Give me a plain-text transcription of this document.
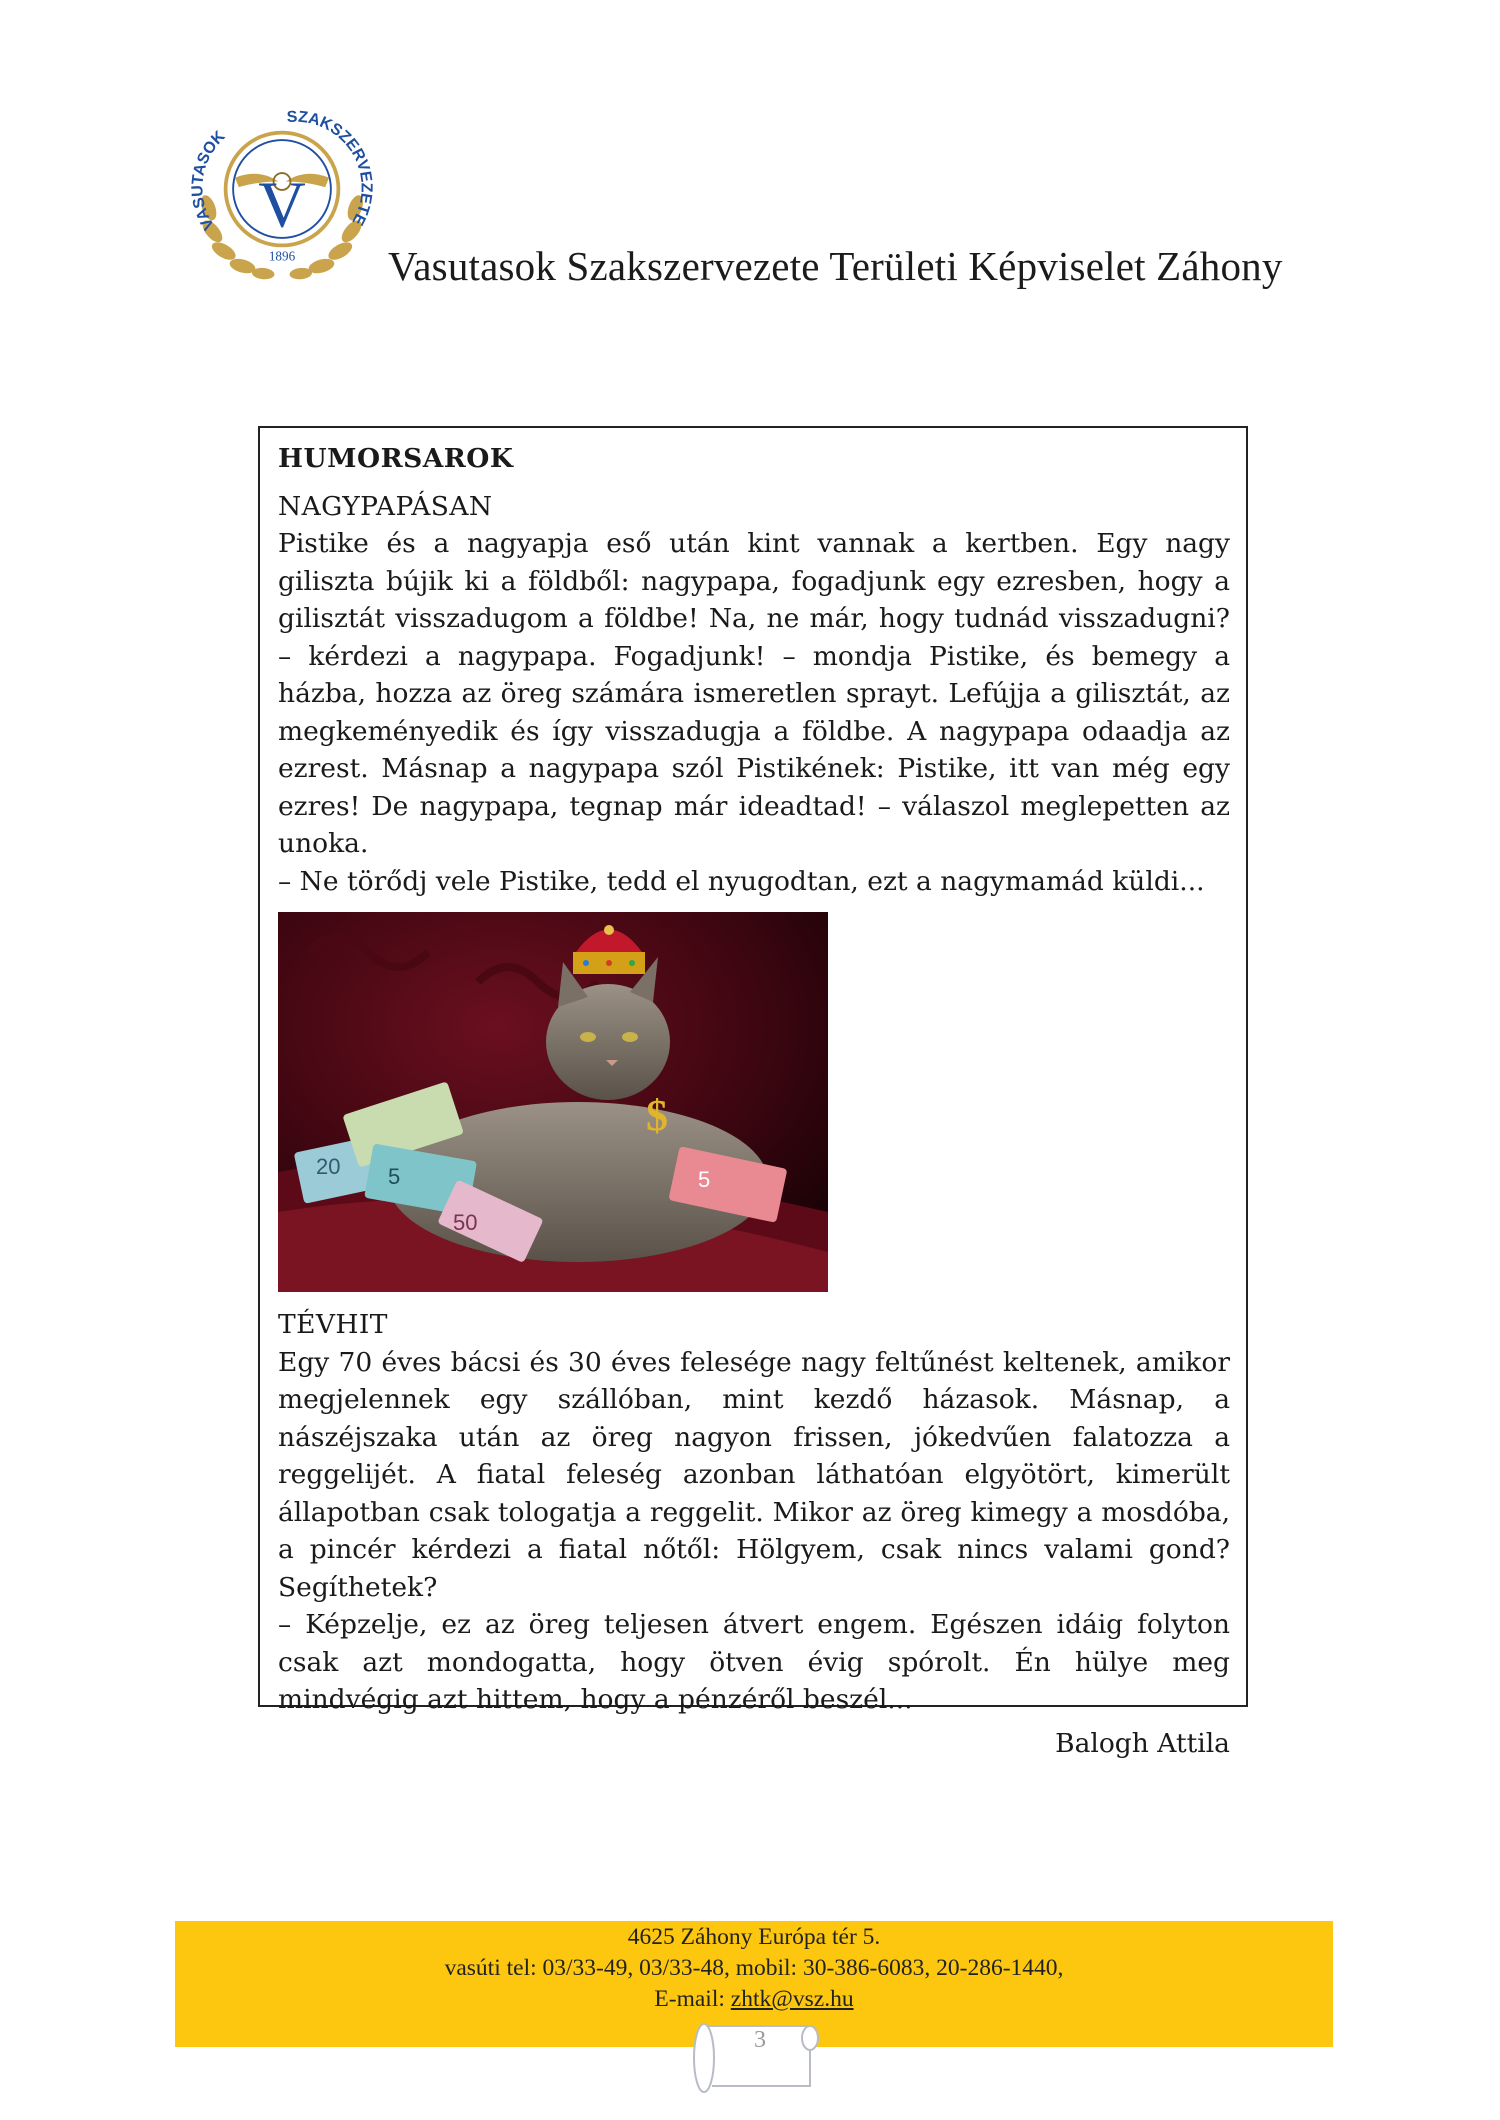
VASUTASOK
SZAKSZERVEZETE
V
1896 Vasutasok Szakszervezete Területi Képviselet Záhony

HUMORSAROK

NAGYPAPÁSAN

Pistike és a nagyapja eső után kint vannak a kertben. Egy nagy giliszta bújik ki a földből: nagypapa, fogadjunk egy ezresben, hogy a gilisztát visszadugom a földbe! Na, ne már, hogy tudnád visszadugni? – kérdezi a nagypapa. Fogadjunk! – mondja Pistike, és bemegy a házba, hozza az öreg számára ismeretlen sprayt. Lefújja a gilisztát, az megkeményedik és így visszadugja a földbe. A nagypapa odaadja az ezrest. Másnap a nagypapa szól Pistikének: Pistike, itt van még egy ezres! De nagypapa, tegnap már ideadtad! – válaszol meglepetten az unoka.

– Ne törődj vele Pistike, tedd el nyugodtan, ezt a nagymamád küldi...

$
20 5
50
5

TÉVHIT

Egy 70 éves bácsi és 30 éves felesége nagy feltűnést keltenek, amikor megjelennek egy szállóban, mint kezdő házasok. Másnap, a nászéjszaka után az öreg nagyon frissen, jókedvűen falatozza a reggelijét. A fiatal feleség azonban láthatóan elgyötört, kimerült állapotban csak tologatja a reggelit. Mikor az öreg kimegy a mosdóba, a pincér kérdezi a fiatal nőtől: Hölgyem, csak nincs valami gond? Segíthetek?

– Képzelje, ez az öreg teljesen átvert engem. Egészen idáig folyton csak azt mondogatta, hogy ötven évig spórolt. Én hülye meg mindvégig azt hittem, hogy a pénzéről beszél...

Balogh Attila

4625 Záhony Európa tér 5.
vasúti tel: 03/33-49, 03/33-48, mobil: 30-386-6083, 20-286-1440,
E-mail: zhtk@vsz.hu
3
